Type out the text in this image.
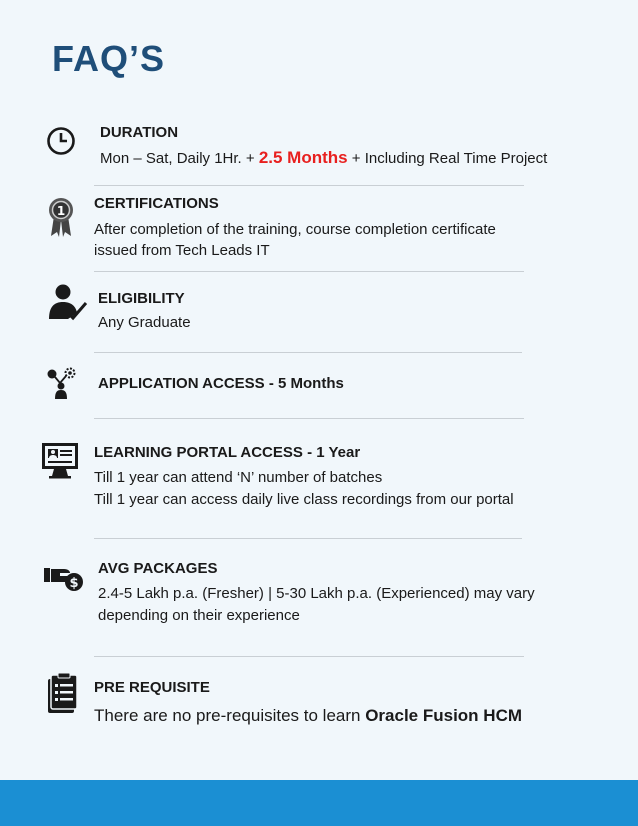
FAQ’S
DURATION
Mon – Sat, Daily 1Hr. + 2.5 Months + Including Real Time Project
1 CERTIFICATIONS
After completion of the training, course completion certificate
issued from Tech Leads IT
ELIGIBILITY
Any Graduate
APPLICATION ACCESS - 5 Months
LEARNING PORTAL ACCESS - 1 Year
Till 1 year can attend ‘N’ number of batches
Till 1 year can access daily live class recordings from our portal
$
AVG PACKAGES
2.4-5 Lakh p.a. (Fresher) | 5-30 Lakh p.a. (Experienced) may vary
depending on their experience
PRE REQUISITE
There are no pre-requisites to learn Oracle Fusion HCM
